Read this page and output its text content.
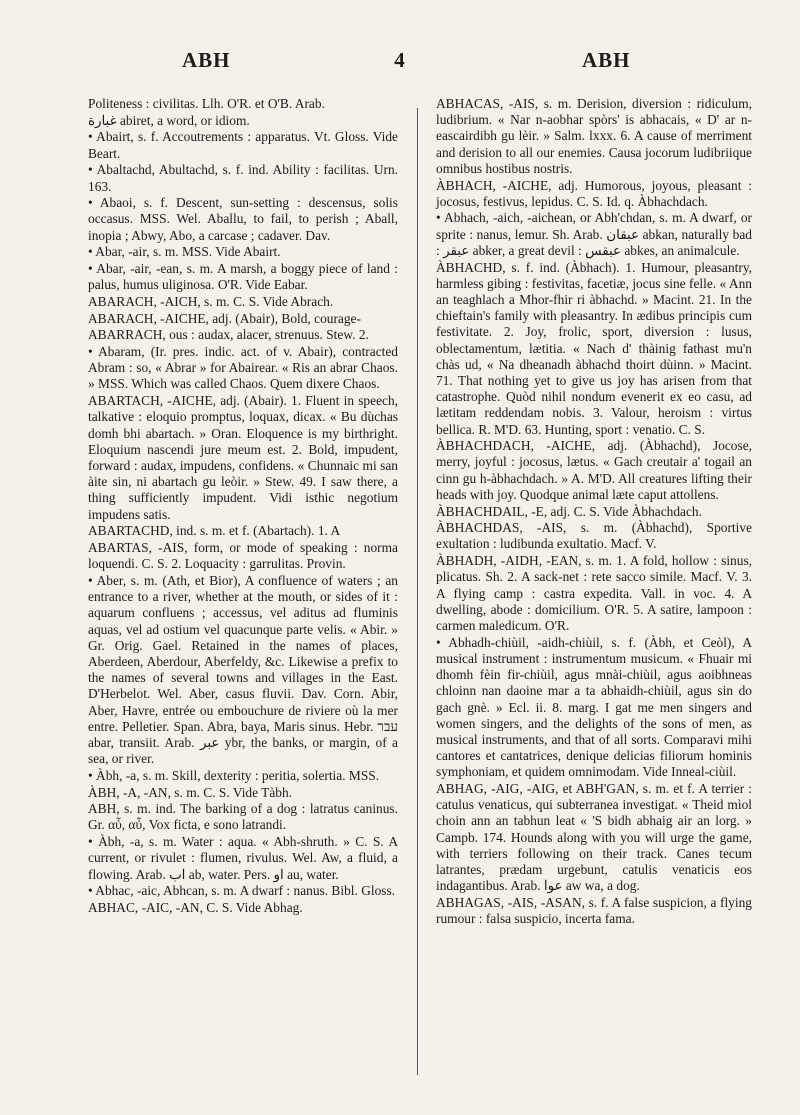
ABH	4	ABH

Politeness : civilitas. Llh. O'R. et O'B. Arab.

غبارة abiret, a word, or idiom.

• Abairt, s. f. Accoutrements : apparatus. Vt. Gloss. Vide Beart.

• Abaltachd, Abultachd, s. f. ind. Ability : facilitas. Urn. 163.

• Abaoi, s. f. Descent, sun-setting : descensus, solis occasus. MSS. Wel. Aballu, to fail, to perish ; Aball, inopia ; Abwy, Abo, a carcase ; cadaver. Dav.

• Abar, -air, s. m. MSS. Vide Abairt.

• Abar, -air, -ean, s. m. A marsh, a boggy piece of land : palus, humus uliginosa. O'R. Vide Eabar.

ABARACH, -AICH, s. m. C. S. Vide Abrach.

ABARACH, -AICHE, adj. (Abair), Bold, courage-

ABARRACH, ous : audax, alacer, strenuus. Stew. 2.

• Abaram, (Ir. pres. indic. act. of v. Abair), contracted Abram : so, « Abrar » for Abairear. « Ris an abrar Chaos. » MSS. Which was called Chaos. Quem dixere Chaos.

ABARTACH, -AICHE, adj. (Abair). 1. Fluent in speech, talkative : eloquio promptus, loquax, dicax. « Bu dùchas domh bhi abartach. » Oran. Eloquence is my birthright. Eloquium nascendi jure meum est. 2. Bold, impudent, forward : audax, impudens, confidens. « Chunnaic mi san àite sin, ni abartach gu leòir. » Stew. 49. I saw there, a thing sufficiently impudent. Vidi isthic negotium impudens satis.

ABARTACHD, ind. s. m. et f. (Abartach). 1. A

ABARTAS, -AIS, form, or mode of speaking : norma loquendi. C. S. 2. Loquacity : garrulitas. Provin.

• Aber, s. m. (Ath, et Bior), A confluence of waters ; an entrance to a river, whether at the mouth, or sides of it : aquarum confluens ; accessus, vel aditus ad fluminis aquas, vel ad ostium vel quacunque parte velis. « Abir. » Gr. Orig. Gael. Retained in the names of places, Aberdeen, Aberdour, Aberfeldy, &c. Likewise a prefix to the names of several towns and villages in the East. D'Herbelot. Wel. Aber, casus fluvii. Dav. Corn. Abir, Aber, Havre, entrée ou embouchure de riviere où la mer entre. Pelletier. Span. Abra, baya, Maris sinus. Hebr. עבר abar, transiit. Arab. عبر ybr, the banks, or margin, of a sea, or river.

• Àbh, -a, s. m. Skill, dexterity : peritia, solertia. MSS.

ÀBH, -A, -AN, s. m. C. S. Vide Tàbh.

ABH, s. m. ind. The barking of a dog : latratus caninus. Gr. αὖ, αὖ, Vox ficta, e sono latrandi.

• Àbh, -a, s. m. Water : aqua. « Abh-shruth. » C. S. A current, or rivulet : flumen, rivulus. Wel. Aw, a fluid, a flowing. Arab. اب ab, water. Pers. او au, water.

• Abhac, -aic, Abhcan, s. m. A dwarf : nanus. Bibl. Gloss.

ABHAC, -AIC, -AN, C. S. Vide Abhag.

ABHACAS, -AIS, s. m. Derision, diversion : ridiculum, ludibrium. « Nar n-aobhar spòrs' is abhacais, « D' ar n-eascairdibh gu lèir. » Salm. lxxx. 6. A cause of merriment and derision to all our enemies. Causa jocorum ludibriique omnibus hostibus nostris.

ÀBHACH, -AICHE, adj. Humorous, joyous, pleasant : jocosus, festivus, lepidus. C. S. Id. q. Àbhachdach.

• Abhach, -aich, -aichean, or Abh'chdan, s. m. A dwarf, or sprite : nanus, lemur. Sh. Arab. عبقان abkan, naturally bad : عبقر abker, a great devil : عبقس abkes, an animalcule.

ÀBHACHD, s. f. ind. (Àbhach). 1. Humour, pleasantry, harmless gibing : festivitas, facetiæ, jocus sine felle. « Ann an teaghlach a Mhor-fhir ri àbhachd. » Macint. 21. In the chieftain's family with pleasantry. In ædibus principis cum festivitate. 2. Joy, frolic, sport, diversion : lusus, oblectamentum, lætitia. « Nach d' thàinig fathast mu'n chàs ud, « Na dheanadh àbhachd thoirt dùinn. » Macint. 71. That nothing yet to give us joy has arisen from that catastrophe. Quòd nihil nondum evenerit ex eo casu, ad lætitam reddendam nobis. 3. Valour, heroism : virtus bellica. R. M'D. 63. Hunting, sport : venatio. C. S.

ÀBHACHDACH, -AICHE, adj. (Àbhachd), Jocose, merry, joyful : jocosus, lætus. « Gach creutair a' togail an cinn gu h-àbhachdach. » A. M'D. All creatures lifting their heads with joy. Quodque animal læte caput attollens.

ÀBHACHDAIL, -E, adj. C. S. Vide Àbhachdach.

ÀBHACHDAS, -AIS, s. m. (Àbhachd), Sportive exultation : ludibunda exultatio. Macf. V.

ÀBHADH, -AIDH, -EAN, s. m. 1. A fold, hollow : sinus, plicatus. Sh. 2. A sack-net : rete sacco simile. Macf. V. 3. A flying camp : castra expedita. Vall. in voc. 4. A dwelling, abode : domicilium. O'R. 5. A satire, lampoon : carmen maledicum. O'R.

• Abhadh-chiùil, -aidh-chiùil, s. f. (Àbh, et Ceòl), A musical instrument : instrumentum musicum. « Fhuair mi dhomh fèin fir-chiùil, agus mnài-chiùil, agus aoibhneas chloinn nan daoine mar a ta abhaidh-chiùil, agus sin do gach gnè. » Ecl. ii. 8. marg. I gat me men singers and women singers, and the delights of the sons of men, as musical instruments, and that of all sorts. Comparavi mihi cantores et cantatrices, denique delicias filiorum hominis symphoniam, et quidem omnimodam. Vide Inneal-ciùil.

ABHAG, -AIG, -AIG, et ABH'GAN, s. m. et f. A terrier : catulus venaticus, qui subterranea investigat. « Theid mìol choin ann an tabhun leat « 'S bidh abhaig air an lorg. » Campb. 174. Hounds along with you will urge the game, with terriers following on their track. Canes tecum latrantes, prædam urgebunt, catulis venaticis eos indagantibus. Arab. عوا aw wa, a dog.

ABHAGAS, -AIS, -ASAN, s. f. A false suspicion, a flying rumour : falsa suspicio, incerta fama.
